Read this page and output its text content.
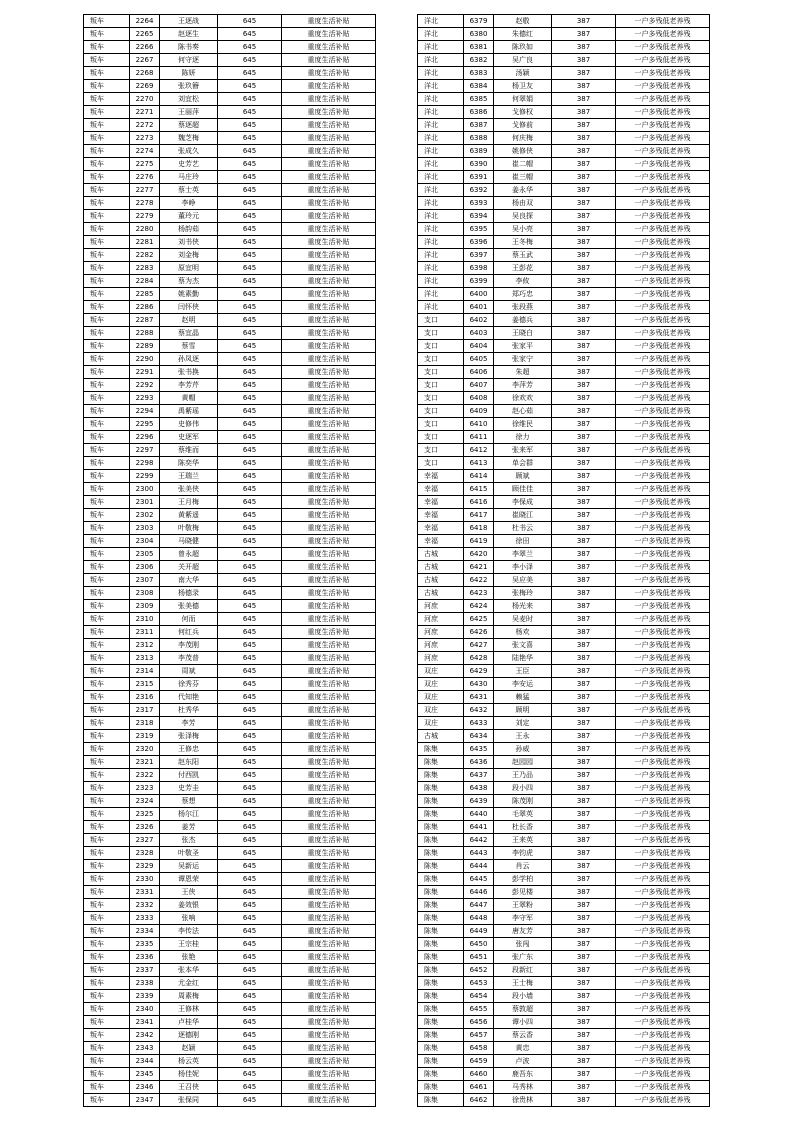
叛车	2264	王逐战	645	重度生活补贴
叛车	2265	赵逐生	645	重度生活补贴
叛车	2266	陈书奏	645	重度生活补贴
叛车	2267	何守逐	645	重度生活补贴
叛车	2268	陈妍	645	重度生活补贴
叛车	2269	张玖簪	645	重度生活补贴
叛车	2270	刘宜松	645	重度生活补贴
叛车	2271	王丽萍	645	重度生活补贴
叛车	2272	蔡逐超	645	重度生活补贴
叛车	2273	魏芝梅	645	重度生活补贴
叛车	2274	张成久	645	重度生活补贴
叛车	2275	史芳艺	645	重度生活补贴
叛车	2276	马庄玲	645	重度生活补贴
叛车	2277	蔡士英	645	重度生活补贴
叛车	2278	李峥	645	重度生活补贴
叛车	2279	董玲元	645	重度生活补贴
叛车	2280	杨韵茹	645	重度生活补贴
叛车	2281	刘书侠	645	重度生活补贴
叛车	2282	刘金梅	645	重度生活补贴
叛车	2283	原宜明	645	重度生活补贴
叛车	2284	蔡为杰	645	重度生活补贴
叛车	2285	姚素勤	645	重度生活补贴
叛车	2286	闫怀侠	645	重度生活补贴
叛车	2287	赵明	645	重度生活补贴
叛车	2288	蔡宜晶	645	重度生活补贴
叛车	2289	蔡雪	645	重度生活补贴
叛车	2290	孙凤逐	645	重度生活补贴
叛车	2291	张书换	645	重度生活补贴
叛车	2292	李芳芹	645	重度生活补贴
叛车	2293	黄帽	645	重度生活补贴
叛车	2294	禹紫瑶	645	重度生活补贴
叛车	2295	史修伟	645	重度生活补贴
叛车	2296	史逐军	645	重度生活补贴
叛车	2297	蔡维而	645	重度生活补贴
叛车	2298	陈奕华	645	重度生活补贴
叛车	2299	王瑞兰	645	重度生活补贴
叛车	2300	张美侠	645	重度生活补贴
叛车	2301	王月梅	645	重度生活补贴
叛车	2302	黄紫遥	645	重度生活补贴
叛车	2303	叶敬梅	645	重度生活补贴
叛车	2304	马晓健	645	重度生活补贴
叛车	2305	曾永超	645	重度生活补贴
叛车	2306	关开超	645	重度生活补贴
叛车	2307	南大华	645	重度生活补贴
叛车	2308	杨德录	645	重度生活补贴
叛车	2309	张美德	645	重度生活补贴
叛车	2310	何而	645	重度生活补贴
叛车	2311	何红兵	645	重度生活补贴
叛车	2312	李茂刚	645	重度生活补贴
叛车	2313	李茂普	645	重度生活补贴
叛车	2314	周斌	645	重度生活补贴
叛车	2315	徐秀芬	645	重度生活补贴
叛车	2316	代知艳	645	重度生活补贴
叛车	2317	杜秀华	645	重度生活补贴
叛车	2318	李芳	645	重度生活补贴
叛车	2319	张泽梅	645	重度生活补贴
叛车	2320	王修忠	645	重度生活补贴
叛车	2321	赵东阳	645	重度生活补贴
叛车	2322	付西凯	645	重度生活补贴
叛车	2323	史芳圭	645	重度生活补贴
叛车	2324	蔡想	645	重度生活补贴
叛车	2325	杨尔江	645	重度生活补贴
叛车	2326	姜芳	645	重度生活补贴
叛车	2327	张杰	645	重度生活补贴
叛车	2328	叶敬圣	645	重度生活补贴
叛车	2329	吴新运	645	重度生活补贴
叛车	2330	谭恩荣	645	重度生活补贴
叛车	2331	王侠	645	重度生活补贴
叛车	2332	姜效银	645	重度生活补贴
叛车	2333	张响	645	重度生活补贴
叛车	2334	李传法	645	重度生活补贴
叛车	2335	王宗桂	645	重度生活补贴
叛车	2336	张艳	645	重度生活补贴
叛车	2337	张本华	645	重度生活补贴
叛车	2338	尤金红	645	重度生活补贴
叛车	2339	周素梅	645	重度生活补贴
叛车	2340	王修林	645	重度生活补贴
叛车	2341	卢桂华	645	重度生活补贴
叛车	2342	逐德刚	645	重度生活补贴
叛车	2343	赵颖	645	重度生活补贴
叛车	2344	杨云英	645	重度生活补贴
叛车	2345	杨佳妮	645	重度生活补贴
叛车	2346	王召侠	645	重度生活补贴
叛车	2347	张保同	645	重度生活补贴
洋北	6379	赵敬	387	一户多残低老养残
洋北	6380	朱德红	387	一户多残低老养残
洋北	6381	陈玖如	387	一户多残低老养残
洋北	6382	吴广良	387	一户多残低老养残
洋北	6383	汤颖	387	一户多残低老养残
洋北	6384	杨卫友	387	一户多残低老养残
洋北	6385	何翠娟	387	一户多残低老养残
洋北	6386	戈修权	387	一户多残低老养残
洋北	6387	戈修前	387	一户多残低老养残
洋北	6388	何庆梅	387	一户多残低老养残
洋北	6389	姚修侠	387	一户多残低老养残
洋北	6390	崔二帽	387	一户多残低老养残
洋北	6391	崔三帽	387	一户多残低老养残
洋北	6392	姜永华	387	一户多残低老养残
洋北	6393	杨由双	387	一户多残低老养残
洋北	6394	吴良探	387	一户多残低老养残
洋北	6395	吴小亮	387	一户多残低老养残
洋北	6396	王冬梅	387	一户多残低老养残
洋北	6397	蔡玉武	387	一户多残低老养残
洋北	6398	王彭花	387	一户多残低老养残
洋北	6399	李攸	387	一户多残低老养残
洋北	6400	郑巧忠	387	一户多残低老养残
洋北	6401	张段燕	387	一户多残低老养残
支口	6402	姜德兵	387	一户多残低老养残
支口	6403	王晓白	387	一户多残低老养残
支口	6404	张家平	387	一户多残低老养残
支口	6405	张家宁	387	一户多残低老养残
支口	6406	朱超	387	一户多残低老养残
支口	6407	李萍芳	387	一户多残低老养残
支口	6408	徐欢欢	387	一户多残低老养残
支口	6409	赵心茹	387	一户多残低老养残
支口	6410	徐维民	387	一户多残低老养残
支口	6411	徐力	387	一户多残低老养残
支口	6412	张来军	387	一户多残低老养残
支口	6413	单会群	387	一户多残低老养残
幸福	6414	顾斌	387	一户多残低老养残
幸福	6415	顾佳佳	387	一户多残低老养残
幸福	6416	李保成	387	一户多残低老养残
幸福	6417	崔晓江	387	一户多残低老养残
幸福	6418	杜书云	387	一户多残低老养残
幸福	6419	徐田	387	一户多残低老养残
古城	6420	李翠兰	387	一户多残低老养残
古城	6421	李小泽	387	一户多残低老养残
古城	6422	吴应美	387	一户多残低老养残
古城	6423	张梅玲	387	一户多残低老养残
河庶	6424	杨光来	387	一户多残低老养残
河庶	6425	吴麦时	387	一户多残低老养残
河庶	6426	杨欢	387	一户多残低老养残
河庶	6427	张文喜	387	一户多残低老养残
河庶	6428	陆艳华	387	一户多残低老养残
双庄	6429	王臣	387	一户多残低老养残
双庄	6430	李安运	387	一户多残低老养残
双庄	6431	赖猛	387	一户多残低老养残
双庄	6432	顾明	387	一户多残低老养残
双庄	6433	刘定	387	一户多残低老养残
古城	6434	王永	387	一户多残低老养残
陈集	6435	孙威	387	一户多残低老养残
陈集	6436	赵园园	387	一户多残低老养残
陈集	6437	王乃品	387	一户多残低老养残
陈集	6438	段小四	387	一户多残低老养残
陈集	6439	陈茂刚	387	一户多残低老养残
陈集	6440	毛翠英	387	一户多残低老养残
陈集	6441	杜长香	387	一户多残低老养残
陈集	6442	王来英	387	一户多残低老养残
陈集	6443	李钧虎	387	一户多残低老养残
陈集	6444	肖云	387	一户多残低老养残
陈集	6445	彭学柏	387	一户多残低老养残
陈集	6446	彭见楼	387	一户多残低老养残
陈集	6447	王翠粉	387	一户多残低老养残
陈集	6448	李守军	387	一户多残低老养残
陈集	6449	唐友芳	387	一户多残低老养残
陈集	6450	张闯	387	一户多残低老养残
陈集	6451	张广东	387	一户多残低老养残
陈集	6452	段新红	387	一户多残低老养残
陈集	6453	王士梅	387	一户多残低老养残
陈集	6454	段小墙	387	一户多残低老养残
陈集	6455	蔡敦超	387	一户多残低老养残
陈集	6456	谭小四	387	一户多残低老养残
陈集	6457	蔡云香	387	一户多残低老养残
陈集	6458	黄忠	387	一户多残低老养残
陈集	6459	卢波	387	一户多残低老养残
陈集	6460	鹿吾东	387	一户多残低老养残
陈集	6461	马秀林	387	一户多残低老养残
陈集	6462	徐贵林	387	一户多残低老养残
